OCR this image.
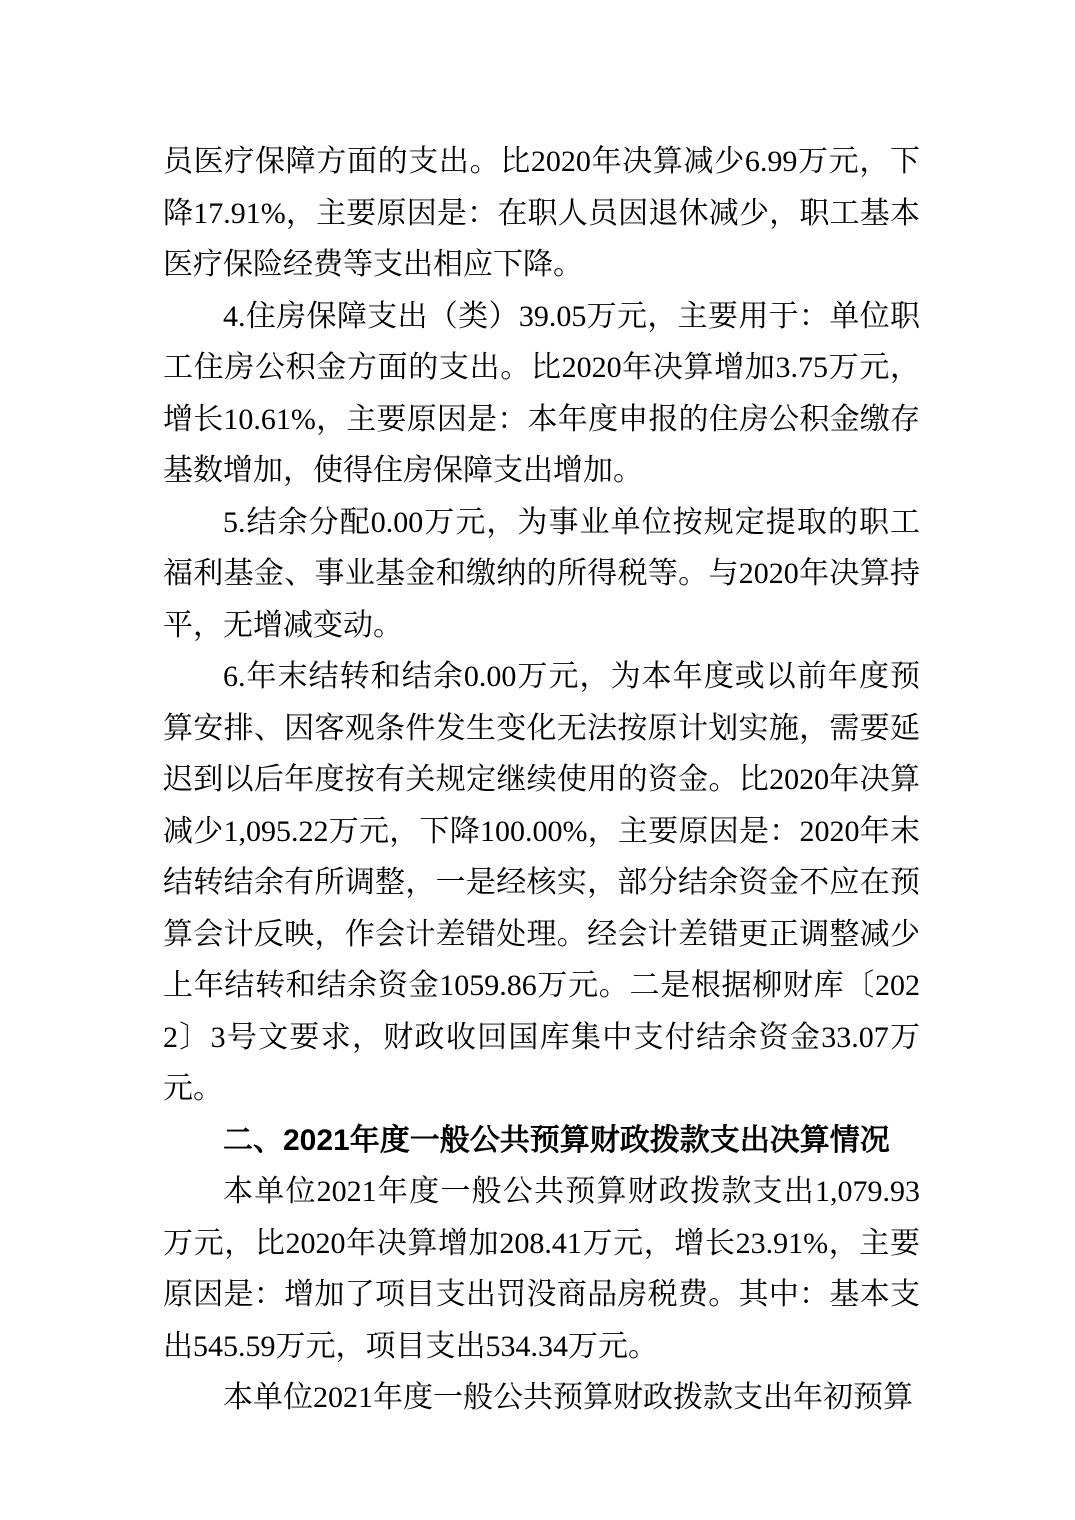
员医疗保障方面的支出。比2020年决算减少6.99万元，下降17.91%，主要原因是：在职人员因退休减少，职工基本医疗保险经费等支出相应下降。

4.住房保障支出（类）39.05万元，主要用于：单位职工住房公积金方面的支出。比2020年决算增加3.75万元，增长10.61%，主要原因是：本年度申报的住房公积金缴存基数增加，使得住房保障支出增加。

5.结余分配0.00万元，为事业单位按规定提取的职工福利基金、事业基金和缴纳的所得税等。与2020年决算持平，无增减变动。

6.年末结转和结余0.00万元，为本年度或以前年度预算安排、因客观条件发生变化无法按原计划实施，需要延迟到以后年度按有关规定继续使用的资金。比2020年决算减少1,095.22万元，下降100.00%，主要原因是：2020年末结转结余有所调整，一是经核实，部分结余资金不应在预算会计反映，作会计差错处理。经会计差错更正调整减少上年结转和结余资金1059.86万元。二是根据柳财库〔2022〕3号文要求，财政收回国库集中支付结余资金33.07万元。

二、2021年度一般公共预算财政拨款支出决算情况

本单位2021年度一般公共预算财政拨款支出1,079.93万元，比2020年决算增加208.41万元，增长23.91%，主要原因是：增加了项目支出罚没商品房税费。其中：基本支出545.59万元，项目支出534.34万元。

本单位2021年度一般公共预算财政拨款支出年初预算
